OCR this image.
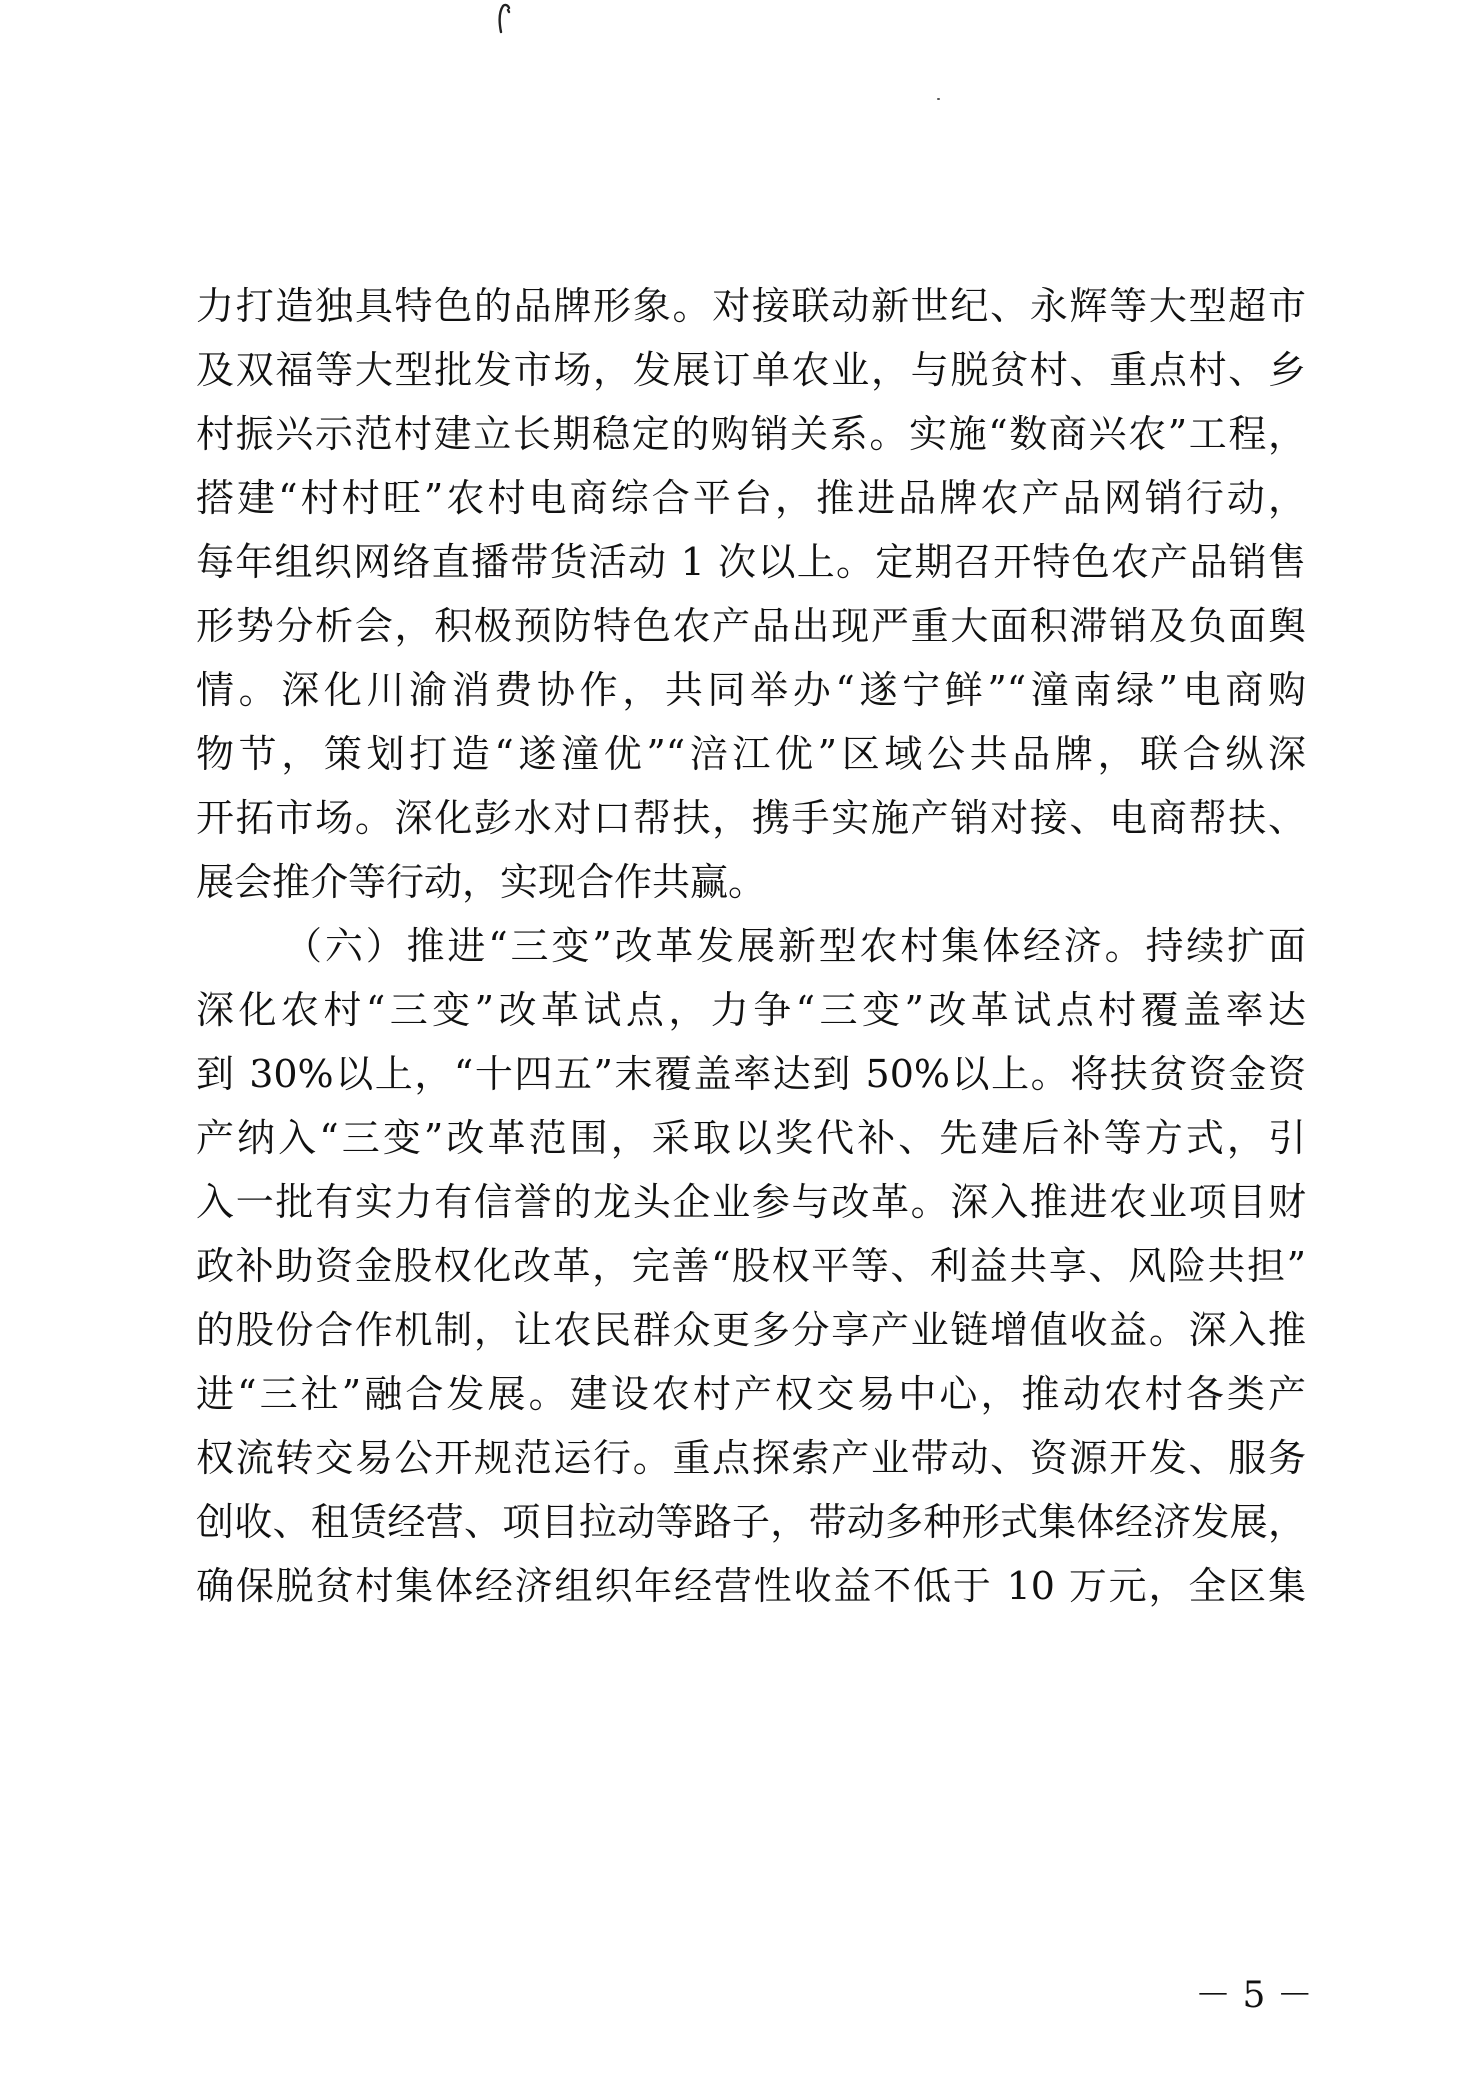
力打造独具特色的品牌形象。对接联动新世纪、永辉等大型超市
及双福等大型批发市场，发展订单农业，与脱贫村、重点村、乡
村振兴示范村建立长期稳定的购销关系。实施“数商兴农”工程，
搭建“村村旺”农村电商综合平台，推进品牌农产品网销行动，
每年组织网络直播带货活动 1 次以上。定期召开特色农产品销售
形势分析会，积极预防特色农产品出现严重大面积滞销及负面舆
情。深化川渝消费协作，共同举办“遂宁鲜”“潼南绿”电商购
物节，策划打造“遂潼优”“涪江优”区域公共品牌，联合纵深
开拓市场。深化彭水对口帮扶，携手实施产销对接、电商帮扶、
展会推介等行动，实现合作共赢。
（六）推进“三变”改革发展新型农村集体经济。持续扩面
深化农村“三变”改革试点，力争“三变”改革试点村覆盖率达
到 30%以上，“十四五”末覆盖率达到 50%以上。将扶贫资金资
产纳入“三变”改革范围，采取以奖代补、先建后补等方式，引
入一批有实力有信誉的龙头企业参与改革。深入推进农业项目财
政补助资金股权化改革，完善“股权平等、利益共享、风险共担”
的股份合作机制，让农民群众更多分享产业链增值收益。深入推
进“三社”融合发展。建设农村产权交易中心，推动农村各类产
权流转交易公开规范运行。重点探索产业带动、资源开发、服务
创收、租赁经营、项目拉动等路子，带动多种形式集体经济发展，
确保脱贫村集体经济组织年经营性收益不低于 10 万元，全区集
－ 5 －
